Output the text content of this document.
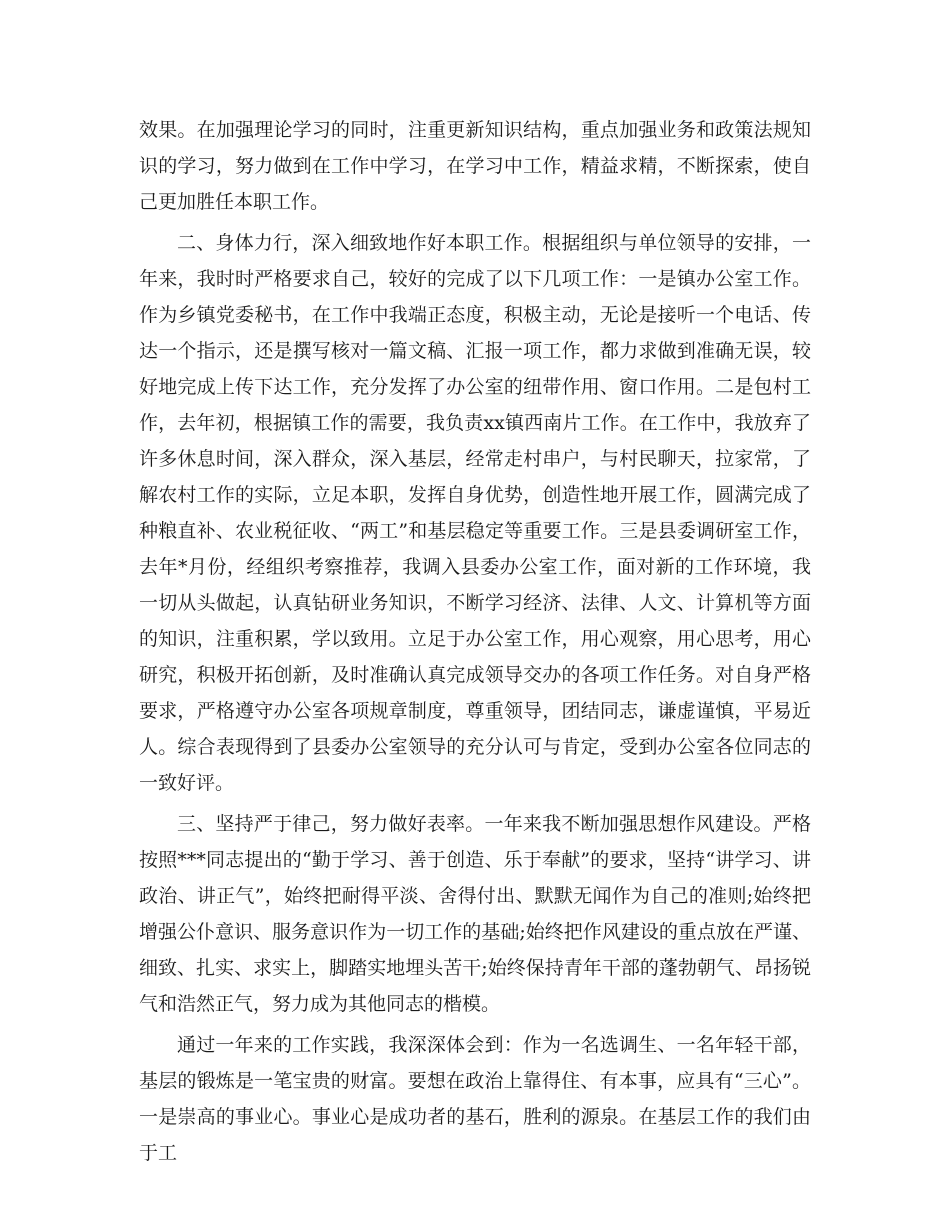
效果。在加强理论学习的同时，注重更新知识结构，重点加强业务和政策法规知识的学习，努力做到在工作中学习，在学习中工作，精益求精，不断探索，使自己更加胜任本职工作。

二、身体力行，深入细致地作好本职工作。根据组织与单位领导的安排，一年来，我时时严格要求自己，较好的完成了以下几项工作：一是镇办公室工作。作为乡镇党委秘书，在工作中我端正态度，积极主动，无论是接听一个电话、传达一个指示，还是撰写核对一篇文稿、汇报一项工作，都力求做到准确无误，较好地完成上传下达工作，充分发挥了办公室的纽带作用、窗口作用。二是包村工作，去年初，根据镇工作的需要，我负责xx镇西南片工作。在工作中，我放弃了许多休息时间，深入群众，深入基层，经常走村串户，与村民聊天，拉家常，了解农村工作的实际，立足本职，发挥自身优势，创造性地开展工作，圆满完成了种粮直补、农业税征收、“两工”和基层稳定等重要工作。三是县委调研室工作，去年*月份，经组织考察推荐，我调入县委办公室工作，面对新的工作环境，我一切从头做起，认真钻研业务知识，不断学习经济、法律、人文、计算机等方面的知识，注重积累，学以致用。立足于办公室工作，用心观察，用心思考，用心研究，积极开拓创新，及时准确认真完成领导交办的各项工作任务。对自身严格要求，严格遵守办公室各项规章制度，尊重领导，团结同志，谦虚谨慎，平易近人。综合表现得到了县委办公室领导的充分认可与肯定，受到办公室各位同志的一致好评。

三、坚持严于律己，努力做好表率。一年来我不断加强思想作风建设。严格按照***同志提出的“勤于学习、善于创造、乐于奉献”的要求，坚持“讲学习、讲政治、讲正气”，始终把耐得平淡、舍得付出、默默无闻作为自己的准则;始终把增强公仆意识、服务意识作为一切工作的基础;始终把作风建设的重点放在严谨、细致、扎实、求实上，脚踏实地埋头苦干;始终保持青年干部的蓬勃朝气、昂扬锐气和浩然正气，努力成为其他同志的楷模。

通过一年来的工作实践，我深深体会到：作为一名选调生、一名年轻干部，基层的锻炼是一笔宝贵的财富。要想在政治上靠得住、有本事，应具有“三心”。一是崇高的事业心。事业心是成功者的基石，胜利的源泉。在基层工作的我们由于工
